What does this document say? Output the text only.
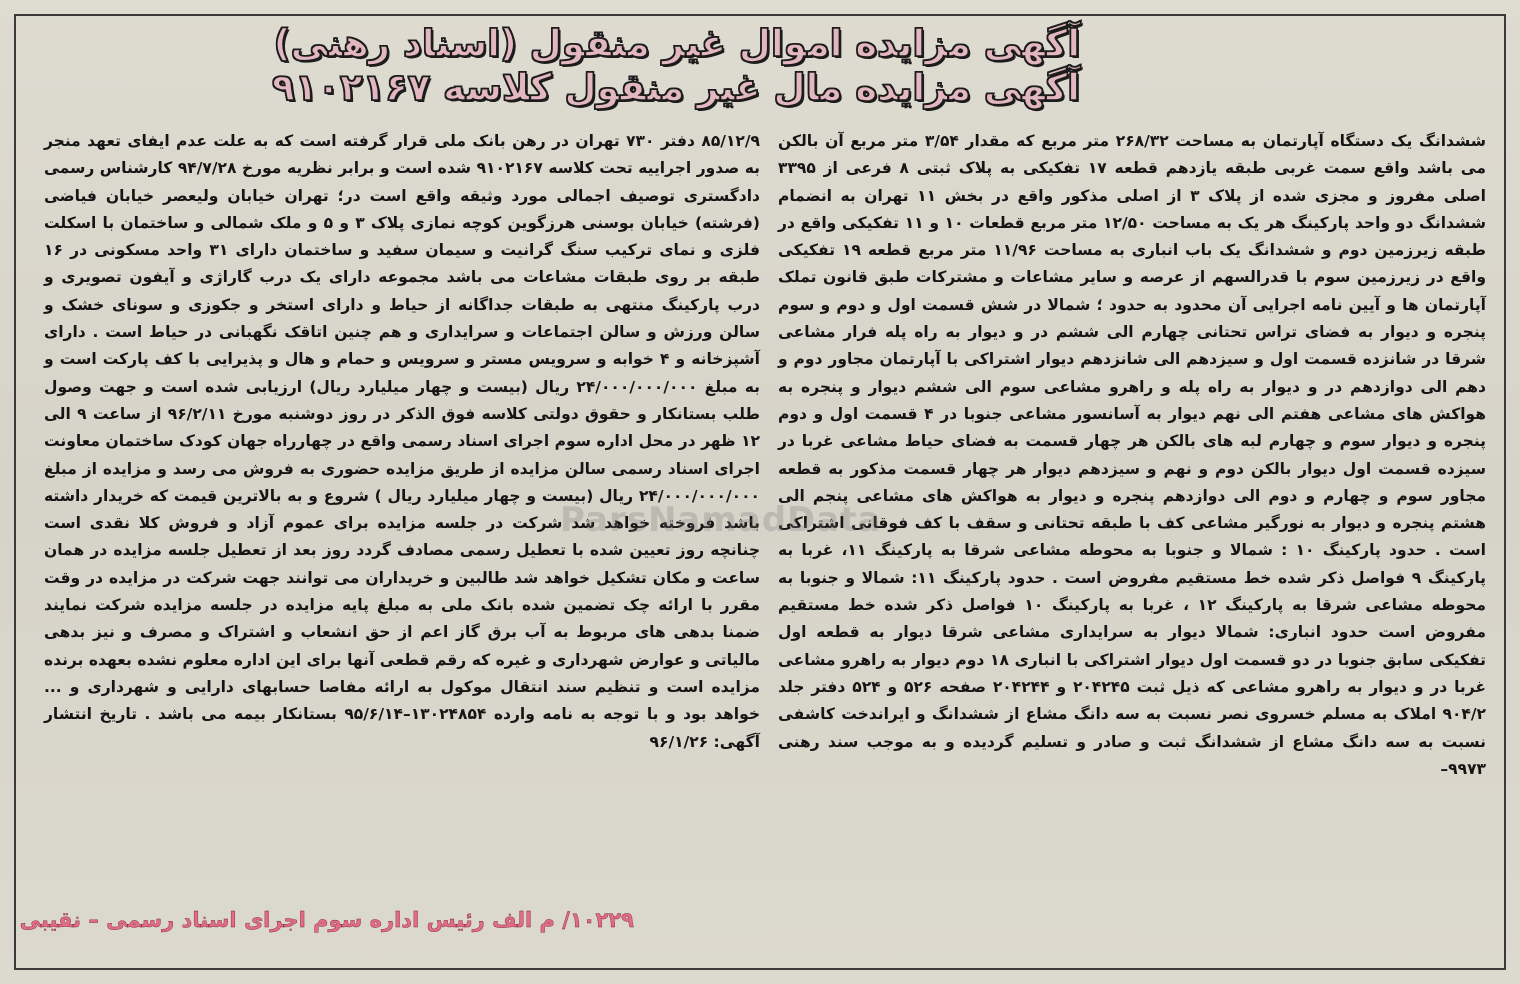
آگهی مزایده اموال غیر منقول (اسناد رهنی)
آگهی مزایده مال غیر منقول کلاسه ۹۱۰۲۱۶۷

ششدانگ یک دستگاه آپارتمان به مساحت ۲۶۸/۳۲ متر مربع که مقدار ۳/۵۴ متر مربع آن بالکن می باشد واقع سمت غربی طبقه یازدهم قطعه ۱۷ تفکیکی به پلاک ثبتی ۸ فرعی از ۳۳۹۵ اصلی مفروز و مجزی شده از پلاک ۳ از اصلی مذکور واقع در بخش ۱۱ تهران به انضمام ششدانگ دو واحد پارکینگ هر یک به مساحت ۱۲/۵۰ متر مربع قطعات ۱۰ و ۱۱ تفکیکی واقع در طبقه زیرزمین دوم و ششدانگ یک باب انباری به مساحت ۱۱/۹۶ متر مربع قطعه ۱۹ تفکیکی واقع در زیرزمین سوم با قدرالسهم از عرصه و سایر مشاعات و مشترکات طبق قانون تملک آپارتمان ها و آیین نامه اجرایی آن محدود به حدود ؛ شمالا در شش قسمت اول و دوم و سوم پنجره و دیوار به فضای تراس تحتانی چهارم الی ششم در و دیوار به راه پله فرار مشاعی شرقا در شانزده قسمت اول و سیزدهم الی شانزدهم دیوار اشتراکی با آپارتمان مجاور دوم و دهم الی دوازدهم در و دیوار به راه پله و راهرو مشاعی سوم الی ششم دیوار و پنجره به هواکش های مشاعی هفتم الی نهم دیوار به آسانسور مشاعی جنوبا در ۴ قسمت اول و دوم پنجره و دیوار سوم و چهارم لبه های بالکن هر چهار قسمت به فضای حیاط مشاعی غربا در سیزده قسمت اول دیوار بالکن دوم و نهم و سیزدهم دیوار هر چهار قسمت مذکور به قطعه مجاور سوم و چهارم و دوم الی دوازدهم پنجره و دیوار به هواکش های مشاعی پنجم الی هشتم پنجره و دیوار به نورگیر مشاعی کف با طبقه تحتانی و سقف با کف فوقانی اشتراکی است . حدود پارکینگ ۱۰ : شمالا و جنوبا به محوطه مشاعی شرقا به پارکینگ ۱۱، غربا به پارکینگ ۹ فواصل ذکر شده خط مستقیم مفروض است . حدود پارکینگ ۱۱: شمالا و جنوبا به محوطه مشاعی شرقا به پارکینگ ۱۲ ، غربا به پارکینگ ۱۰ فواصل ذکر شده خط مستقیم مفروض است حدود انباری: شمالا دیوار به سرایداری مشاعی شرقا دیوار به قطعه اول تفکیکی سابق جنوبا در دو قسمت اول دیوار اشتراکی با انباری ۱۸ دوم دیوار به راهرو مشاعی غربا در و دیوار به راهرو مشاعی که ذیل ثبت ۲۰۴۲۴۵ و ۲۰۴۲۴۴ صفحه ۵۲۶ و ۵۲۴ دفتر جلد ۹۰۴/۲ املاک به مسلم خسروی نصر نسبت به سه دانگ مشاع از ششدانگ و ایراندخت کاشفی نسبت به سه دانگ مشاع از ششدانگ ثبت و صادر و تسلیم گردیده و به موجب سند رهنی ۹۹۷۳–

۸۵/۱۲/۹ دفتر ۷۳۰ تهران در رهن بانک ملی قرار گرفته است که به علت عدم ایفای تعهد منجر به صدور اجراییه تحت کلاسه ۹۱۰۲۱۶۷ شده است و برابر نظریه مورخ ۹۴/۷/۲۸ کارشناس رسمی دادگستری توصیف اجمالی مورد وثیقه واقع است در؛ تهران خیابان ولیعصر خیابان فیاضی (فرشته) خیابان بوسنی هرزگوین کوچه نمازی پلاک ۳ و ۵ و ملک شمالی و ساختمان با اسکلت فلزی و نمای ترکیب سنگ گرانیت و سیمان سفید و ساختمان دارای ۳۱ واحد مسکونی در ۱۶ طبقه بر روی طبقات مشاعات می باشد مجموعه دارای یک درب گاراژی و آیفون تصویری و درب پارکینگ منتهی به طبقات جداگانه از حیاط و دارای استخر و جکوزی و سونای خشک و سالن ورزش و سالن اجتماعات و سرایداری و هم چنین اتاقک نگهبانی در حیاط است . دارای آشپزخانه و ۴ خوابه و سرویس مستر و سرویس و حمام و هال و پذیرایی با کف پارکت است و به مبلغ ۲۴/۰۰۰/۰۰۰/۰۰۰ ریال (بیست و چهار میلیارد ریال) ارزیابی شده است و جهت وصول طلب بستانکار و حقوق دولتی کلاسه فوق الذکر در روز دوشنبه مورخ ۹۶/۲/۱۱ از ساعت ۹ الی ۱۲ ظهر در محل اداره سوم اجرای اسناد رسمی واقع در چهارراه جهان کودک ساختمان معاونت اجرای اسناد رسمی سالن مزایده از طریق مزایده حضوری به فروش می رسد و مزایده از مبلغ ۲۴/۰۰۰/۰۰۰/۰۰۰ ریال (بیست و چهار میلیارد ریال ) شروع و به بالاترین قیمت که خریدار داشته باشد فروخته خواهد شد شرکت در جلسه مزایده برای عموم آزاد و فروش کلا نقدی است چنانچه روز تعیین شده با تعطیل رسمی مصادف گردد روز بعد از تعطیل جلسه مزایده در همان ساعت و مکان تشکیل خواهد شد طالبین و خریداران می توانند جهت شرکت در مزایده در وقت مقرر با ارائه چک تضمین شده بانک ملی به مبلغ پایه مزایده در جلسه مزایده شرکت نمایند ضمنا بدهی های مربوط به آب برق گاز اعم از حق انشعاب و اشتراک و مصرف و نیز بدهی مالیاتی و عوارض شهرداری و غیره که رقم قطعی آنها برای این اداره معلوم نشده بعهده برنده مزایده است و تنظیم سند انتقال موکول به ارائه مفاصا حسابهای دارایی و شهرداری و ... خواهد بود و با توجه به نامه وارده ۱۳۰۲۴۸۵۴–۹۵/۶/۱۴ بستانکار بیمه می باشد . تاریخ انتشار آگهی: ۹۶/۱/۲۶

ParsNamadData
۱۰۲۲۹/ م الف رئیس اداره سوم اجرای اسناد رسمی – نقیبی
